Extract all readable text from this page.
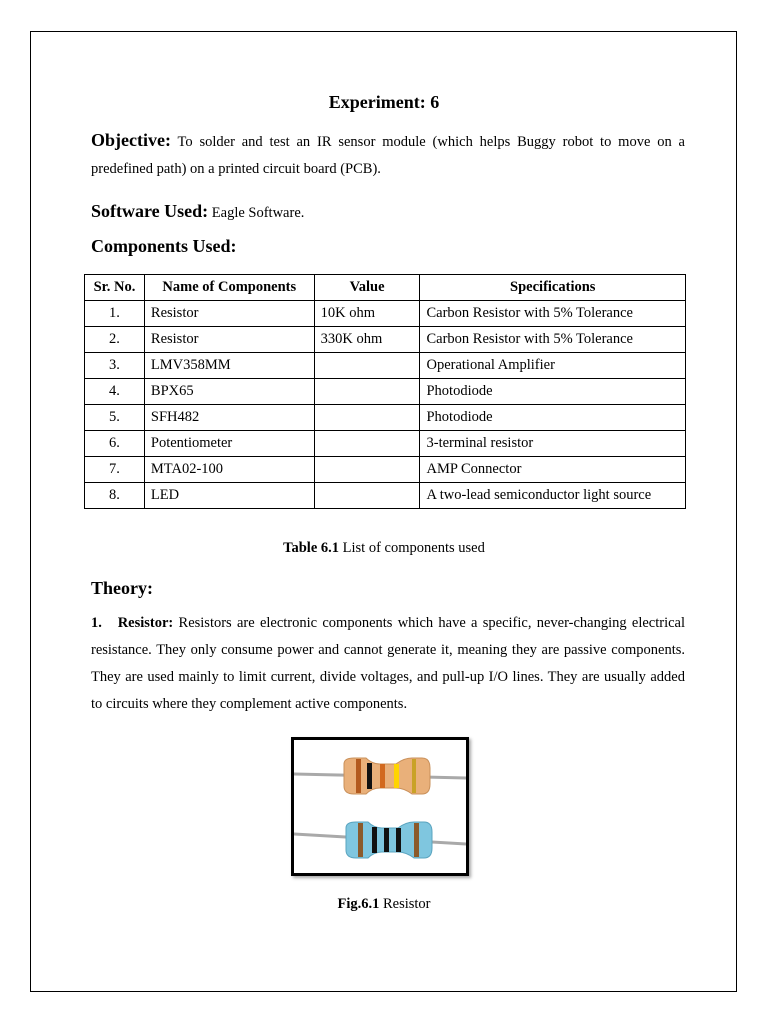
Experiment: 6
Objective: To solder and test an IR sensor module (which helps Buggy robot to move on a predefined path) on a printed circuit board (PCB).
Software Used: Eagle Software.
Components Used:
Sr. No.	Name of Components	Value	Specifications
1.	Resistor	10K ohm	Carbon Resistor with 5% Tolerance
2.	Resistor	330K ohm	Carbon Resistor with 5% Tolerance
3.	LMV358MM		Operational Amplifier
4.	BPX65		Photodiode
5.	SFH482		Photodiode
6.	Potentiometer		3-terminal resistor
7.	MTA02-100		AMP Connector
8.	LED		A two-lead semiconductor light source
Table 6.1 List of components used
Theory:
1. Resistor: Resistors are electronic components which have a specific, never-changing electrical resistance. They only consume power and cannot generate it, meaning they are passive components. They are used mainly to limit current, divide voltages, and pull-up I/O lines. They are usually added to circuits where they complement active components.
Fig.6.1 Resistor
